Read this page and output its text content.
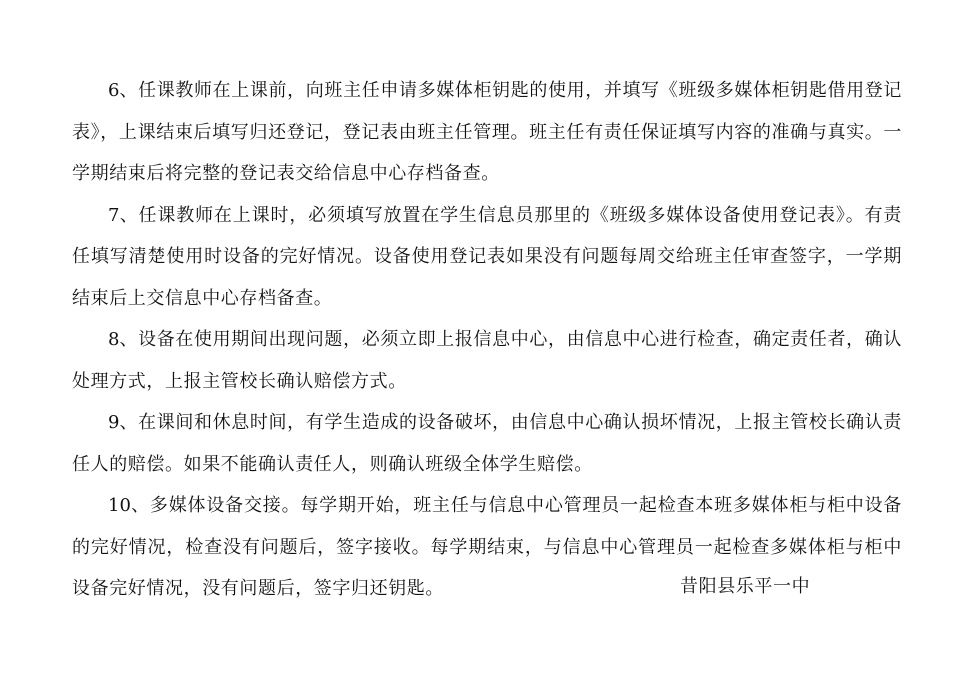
6、任课教师在上课前，向班主任申请多媒体柜钥匙的使用，并填写《班级多媒体柜钥匙借用登记表》，上课结束后填写归还登记，登记表由班主任管理。班主任有责任保证填写内容的准确与真实。一学期结束后将完整的登记表交给信息中心存档备查。

7、任课教师在上课时，必须填写放置在学生信息员那里的《班级多媒体设备使用登记表》。有责任填写清楚使用时设备的完好情况。设备使用登记表如果没有问题每周交给班主任审查签字，一学期结束后上交信息中心存档备查。

8、设备在使用期间出现问题，必须立即上报信息中心，由信息中心进行检查，确定责任者，确认处理方式，上报主管校长确认赔偿方式。

9、在课间和休息时间，有学生造成的设备破坏，由信息中心确认损坏情况，上报主管校长确认责任人的赔偿。如果不能确认责任人，则确认班级全体学生赔偿。

10、多媒体设备交接。每学期开始，班主任与信息中心管理员一起检查本班多媒体柜与柜中设备的完好情况，检查没有问题后，签字接收。每学期结束，与信息中心管理员一起检查多媒体柜与柜中设备完好情况，没有问题后，签字归还钥匙。	昔阳县乐平一中
